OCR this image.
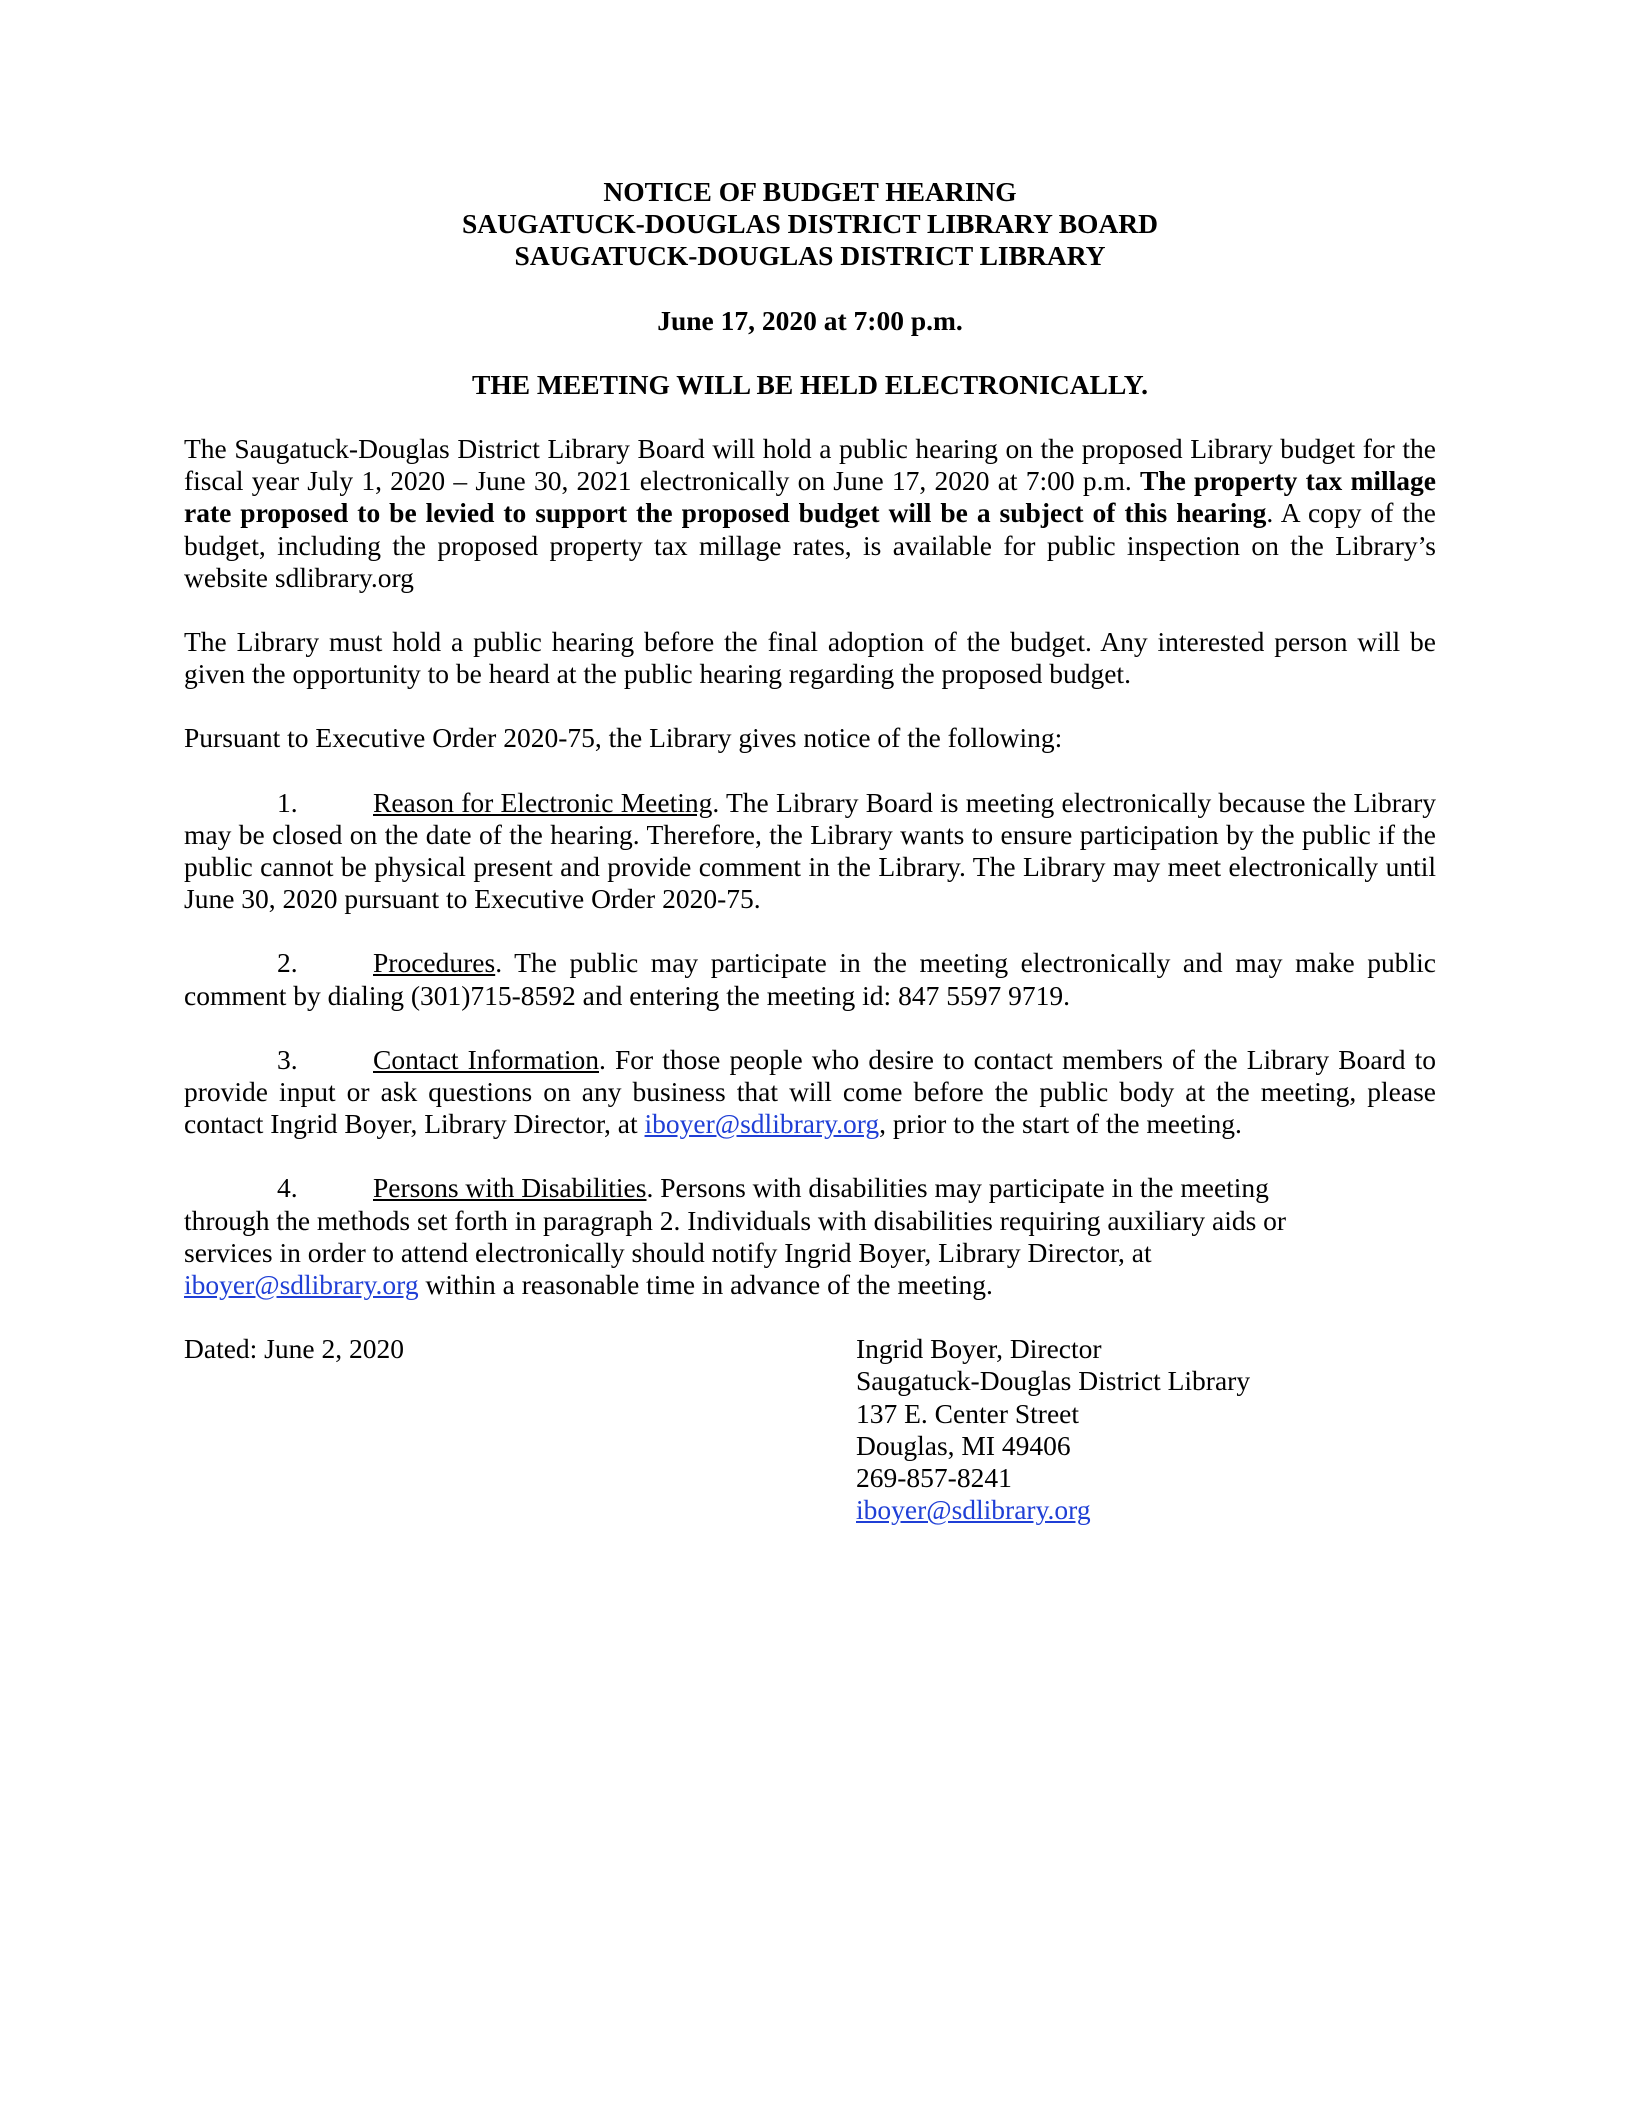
NOTICE OF BUDGET HEARING
SAUGATUCK-DOUGLAS DISTRICT LIBRARY BOARD
SAUGATUCK-DOUGLAS DISTRICT LIBRARY
June 17, 2020 at 7:00 p.m.
THE MEETING WILL BE HELD ELECTRONICALLY.

The Saugatuck-Douglas District Library Board will hold a public hearing on the proposed Library budget for the fiscal year July 1, 2020 – June 30, 2021 electronically on June 17, 2020 at 7:00 p.m. The property tax millage rate proposed to be levied to support the proposed budget will be a subject of this hearing. A copy of the budget, including the proposed property tax millage rates, is available for public inspection on the Library’s website sdlibrary.org

The Library must hold a public hearing before the final adoption of the budget. Any interested person will be given the opportunity to be heard at the public hearing regarding the proposed budget.

Pursuant to Executive Order 2020-75, the Library gives notice of the following:

1.	Reason for Electronic Meeting. The Library Board is meeting electronically because the Library may be closed on the date of the hearing. Therefore, the Library wants to ensure participation by the public if the public cannot be physical present and provide comment in the Library. The Library may meet electronically until June 30, 2020 pursuant to Executive Order 2020-75.

2.	Procedures. The public may participate in the meeting electronically and may make public comment by dialing (301)715-8592 and entering the meeting id: 847 5597 9719.

3.	Contact Information. For those people who desire to contact members of the Library Board to provide input or ask questions on any business that will come before the public body at the meeting, please contact Ingrid Boyer, Library Director, at iboyer@sdlibrary.org, prior to the start of the meeting.

4.	Persons with Disabilities. Persons with disabilities may participate in the meeting
through the methods set forth in paragraph 2. Individuals with disabilities requiring auxiliary aids or
services in order to attend electronically should notify Ingrid Boyer, Library Director, at
iboyer@sdlibrary.org within a reasonable time in advance of the meeting.

Dated: June 2, 2020	Ingrid Boyer, Director
Saugatuck-Douglas District Library
137 E. Center Street
Douglas, MI 49406
269-857-8241
iboyer@sdlibrary.org
